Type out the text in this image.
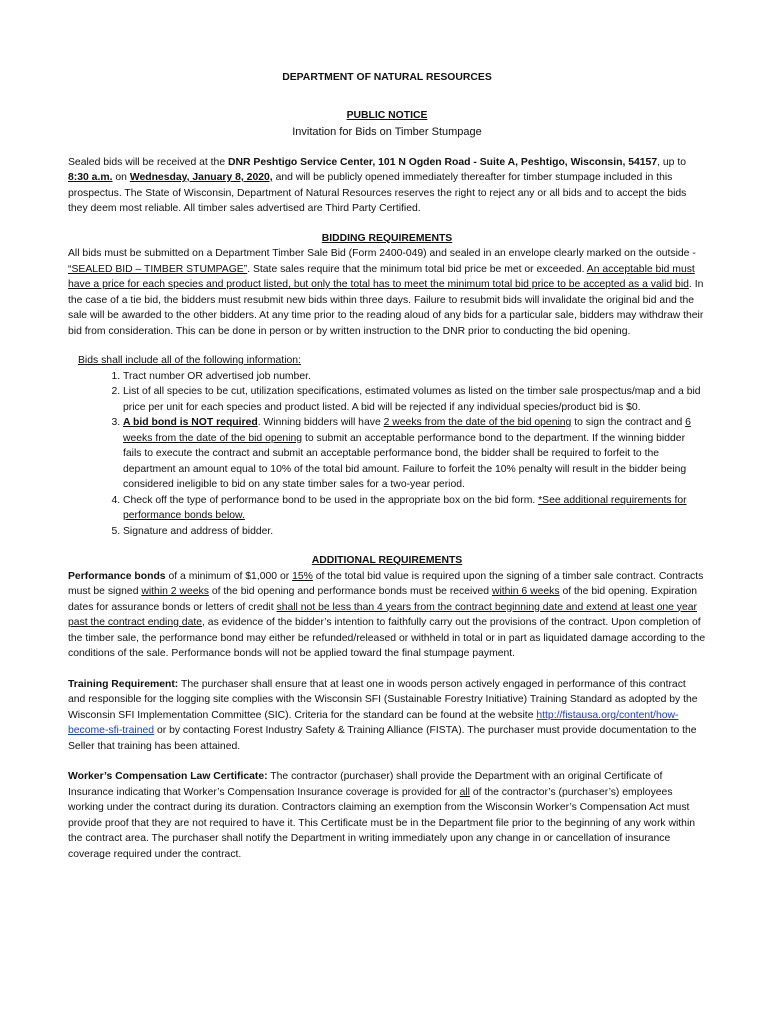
DEPARTMENT OF NATURAL RESOURCES

PUBLIC NOTICE

Invitation for Bids on Timber Stumpage

Sealed bids will be received at the DNR Peshtigo Service Center, 101 N Ogden Road - Suite A, Peshtigo, Wisconsin, 54157, up to 8:30 a.m. on Wednesday, January 8, 2020, and will be publicly opened immediately thereafter for timber stumpage included in this prospectus. The State of Wisconsin, Department of Natural Resources reserves the right to reject any or all bids and to accept the bids they deem most reliable. All timber sales advertised are Third Party Certified.

BIDDING REQUIREMENTS

All bids must be submitted on a Department Timber Sale Bid (Form 2400-049) and sealed in an envelope clearly marked on the outside - “SEALED BID – TIMBER STUMPAGE”. State sales require that the minimum total bid price be met or exceeded. An acceptable bid must have a price for each species and product listed, but only the total has to meet the minimum total bid price to be accepted as a valid bid. In the case of a tie bid, the bidders must resubmit new bids within three days. Failure to resubmit bids will invalidate the original bid and the sale will be awarded to the other bidders. At any time prior to the reading aloud of any bids for a particular sale, bidders may withdraw their bid from consideration. This can be done in person or by written instruction to the DNR prior to conducting the bid opening.

Bids shall include all of the following information:

1. Tract number OR advertised job number.
2. List of all species to be cut, utilization specifications, estimated volumes as listed on the timber sale prospectus/map and a bid price per unit for each species and product listed. A bid will be rejected if any individual species/product bid is $0.
3. A bid bond is NOT required. Winning bidders will have 2 weeks from the date of the bid opening to sign the contract and 6 weeks from the date of the bid opening to submit an acceptable performance bond to the department. If the winning bidder fails to execute the contract and submit an acceptable performance bond, the bidder shall be required to forfeit to the department an amount equal to 10% of the total bid amount. Failure to forfeit the 10% penalty will result in the bidder being considered ineligible to bid on any state timber sales for a two-year period.
4. Check off the type of performance bond to be used in the appropriate box on the bid form. *See additional requirements for performance bonds below.
5. Signature and address of bidder.

ADDITIONAL REQUIREMENTS

Performance bonds of a minimum of $1,000 or 15% of the total bid value is required upon the signing of a timber sale contract. Contracts must be signed within 2 weeks of the bid opening and performance bonds must be received within 6 weeks of the bid opening. Expiration dates for assurance bonds or letters of credit shall not be less than 4 years from the contract beginning date and extend at least one year past the contract ending date, as evidence of the bidder’s intention to faithfully carry out the provisions of the contract. Upon completion of the timber sale, the performance bond may either be refunded/released or withheld in total or in part as liquidated damage according to the conditions of the sale. Performance bonds will not be applied toward the final stumpage payment.

Training Requirement: The purchaser shall ensure that at least one in woods person actively engaged in performance of this contract and responsible for the logging site complies with the Wisconsin SFI (Sustainable Forestry Initiative) Training Standard as adopted by the Wisconsin SFI Implementation Committee (SIC). Criteria for the standard can be found at the website http://fistausa.org/content/how-become-sfi-trained or by contacting Forest Industry Safety & Training Alliance (FISTA). The purchaser must provide documentation to the Seller that training has been attained.

Worker’s Compensation Law Certificate: The contractor (purchaser) shall provide the Department with an original Certificate of Insurance indicating that Worker’s Compensation Insurance coverage is provided for all of the contractor’s (purchaser’s) employees working under the contract during its duration. Contractors claiming an exemption from the Wisconsin Worker’s Compensation Act must provide proof that they are not required to have it. This Certificate must be in the Department file prior to the beginning of any work within the contract area. The purchaser shall notify the Department in writing immediately upon any change in or cancellation of insurance coverage required under the contract.
